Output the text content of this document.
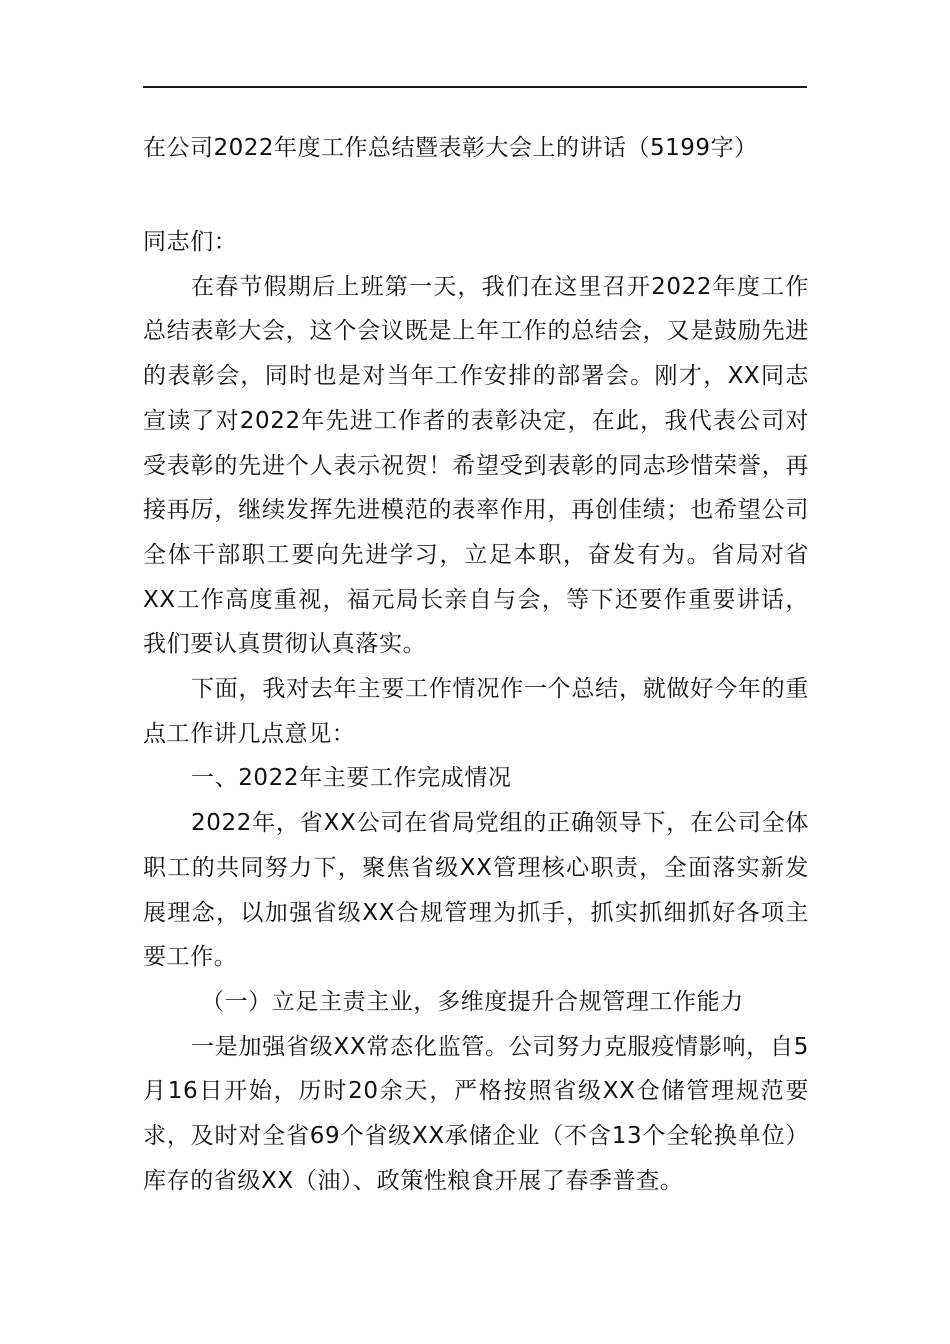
在公司2022年度工作总结暨表彰大会上的讲话（5199字）

同志们：

在春节假期后上班第一天，我们在这里召开2022年度工作总结表彰大会，这个会议既是上年工作的总结会，又是鼓励先进的表彰会，同时也是对当年工作安排的部署会。刚才，XX同志宣读了对2022年先进工作者的表彰决定，在此，我代表公司对受表彰的先进个人表示祝贺！希望受到表彰的同志珍惜荣誉，再接再厉，继续发挥先进模范的表率作用，再创佳绩；也希望公司全体干部职工要向先进学习，立足本职，奋发有为。省局对省XX工作高度重视，福元局长亲自与会，等下还要作重要讲话，我们要认真贯彻认真落实。

下面，我对去年主要工作情况作一个总结，就做好今年的重点工作讲几点意见：

一、2022年主要工作完成情况

2022年，省XX公司在省局党组的正确领导下，在公司全体职工的共同努力下，聚焦省级XX管理核心职责，全面落实新发展理念，以加强省级XX合规管理为抓手，抓实抓细抓好各项主要工作。

（一）立足主责主业，多维度提升合规管理工作能力

一是加强省级XX常态化监管。公司努力克服疫情影响，自5月16日开始，历时20余天，严格按照省级XX仓储管理规范要求，及时对全省69个省级XX承储企业（不含13个全轮换单位）库存的省级XX（油）、政策性粮食开展了春季普查。
